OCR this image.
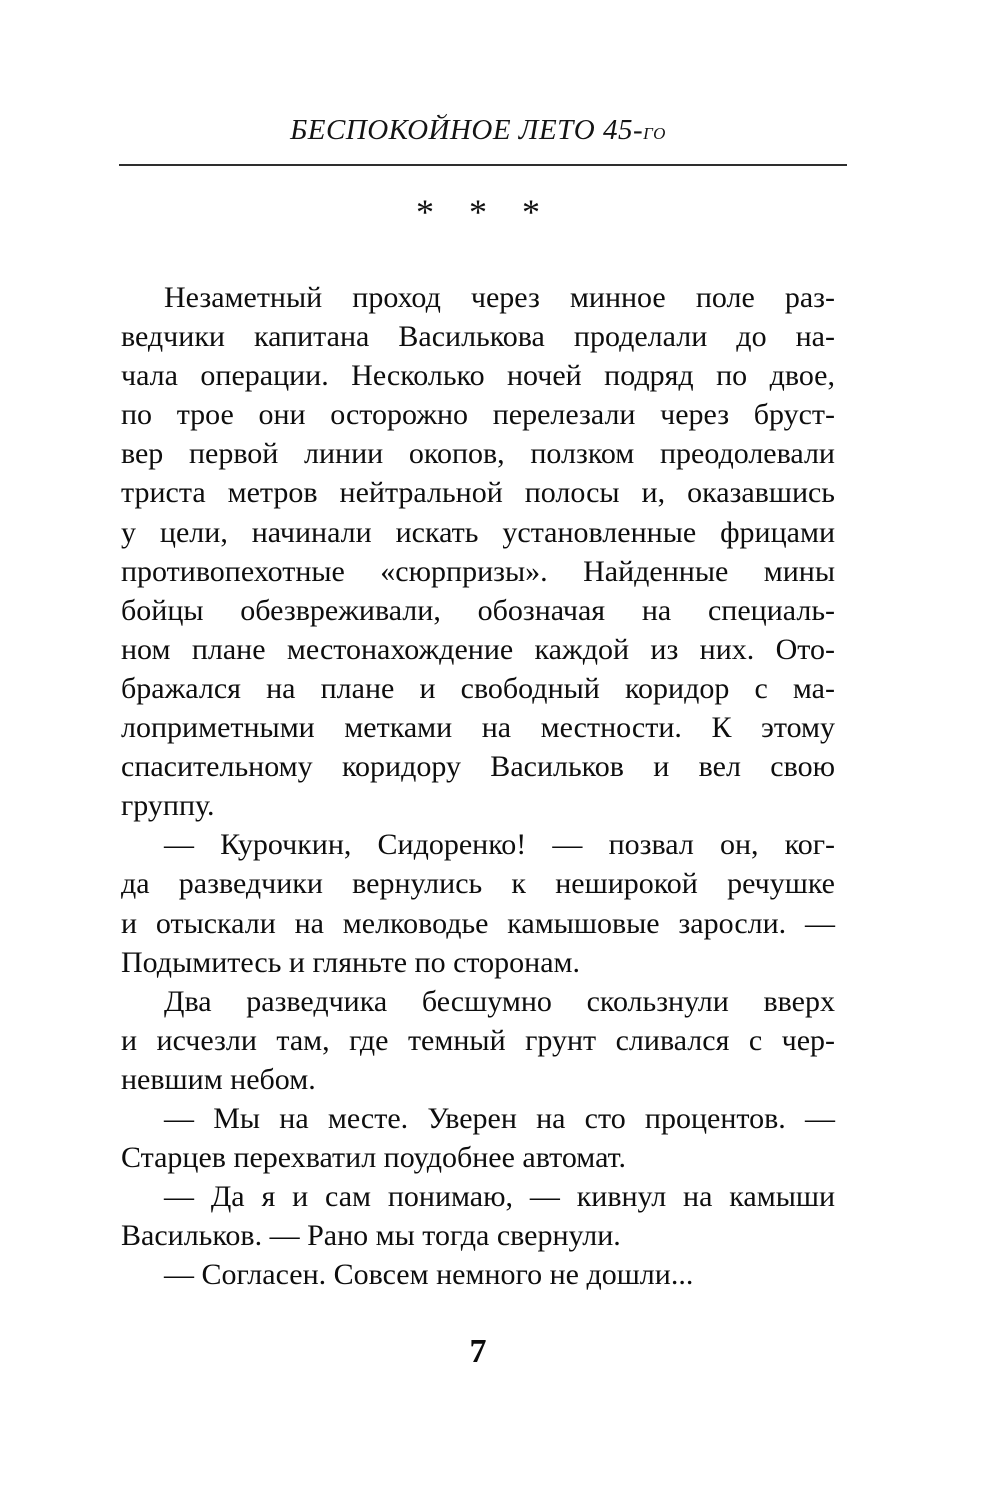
БЕСПОКОЙНОЕ ЛЕТО 45-го
* * *
Незаметный проход через минное поле раз-
ведчики капитана Василькова проделали до на-
чала операции. Несколько ночей подряд по двое,
по трое они осторожно перелезали через бруст-
вер первой линии окопов, ползком преодолевали
триста метров нейтральной полосы и, оказавшись
у цели, начинали искать установленные фрицами
противопехотные «сюрпризы». Найденные мины
бойцы обезвреживали, обозначая на специаль-
ном плане местонахождение каждой из них. Ото-
бражался на плане и свободный коридор с ма-
лоприметными метками на местности. К этому
спасительному коридору Васильков и вел свою
группу.
— Курочкин, Сидоренко! — позвал он, ког-
да разведчики вернулись к неширокой речушке
и отыскали на мелководье камышовые заросли. —
Подымитесь и гляньте по сторонам.
Два разведчика бесшумно скользнули вверх
и исчезли там, где темный грунт сливался с чер-
невшим небом.
— Мы на месте. Уверен на сто процентов. —
Старцев перехватил поудобнее автомат.
— Да я и сам понимаю, — кивнул на камыши
Васильков. — Рано мы тогда свернули.
— Согласен. Совсем немного не дошли...
7
